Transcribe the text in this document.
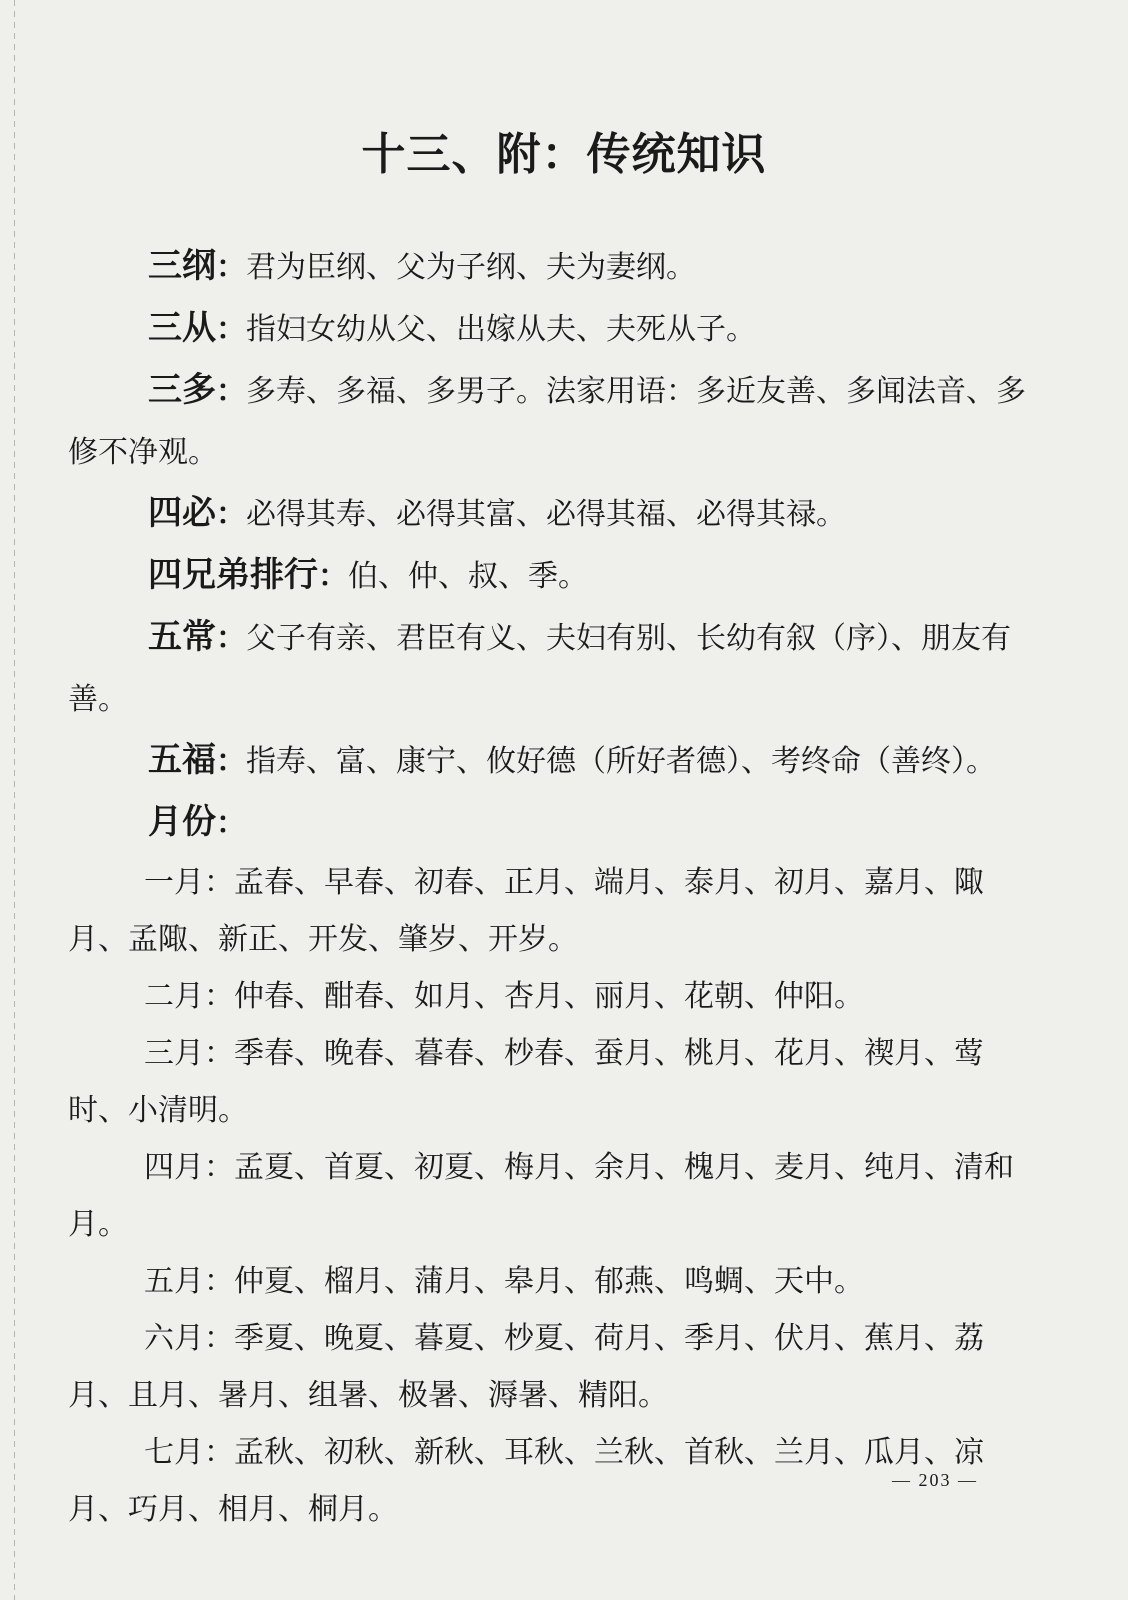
十三、附：传统知识

三纲：君为臣纲、父为子纲、夫为妻纲。

三从：指妇女幼从父、出嫁从夫、夫死从子。

三多：多寿、多福、多男子。法家用语：多近友善、多闻法音、多修不净观。

四必：必得其寿、必得其富、必得其福、必得其禄。

四兄弟排行：伯、仲、叔、季。

五常：父子有亲、君臣有义、夫妇有别、长幼有叙（序）、朋友有善。

五福：指寿、富、康宁、攸好德（所好者德）、考终命（善终）。

月份：

一月：孟春、早春、初春、正月、端月、泰月、初月、嘉月、陬月、孟陬、新正、开发、肇岁、开岁。

二月：仲春、酣春、如月、杏月、丽月、花朝、仲阳。

三月：季春、晚春、暮春、杪春、蚕月、桃月、花月、禊月、莺时、小清明。

四月：孟夏、首夏、初夏、梅月、余月、槐月、麦月、纯月、清和月。

五月：仲夏、榴月、蒲月、皋月、郁燕、鸣蜩、天中。

六月：季夏、晚夏、暮夏、杪夏、荷月、季月、伏月、蕉月、荔月、且月、暑月、组暑、极暑、溽暑、精阳。

七月：孟秋、初秋、新秋、耳秋、兰秋、首秋、兰月、瓜月、凉月、巧月、相月、桐月。

— 203 —
